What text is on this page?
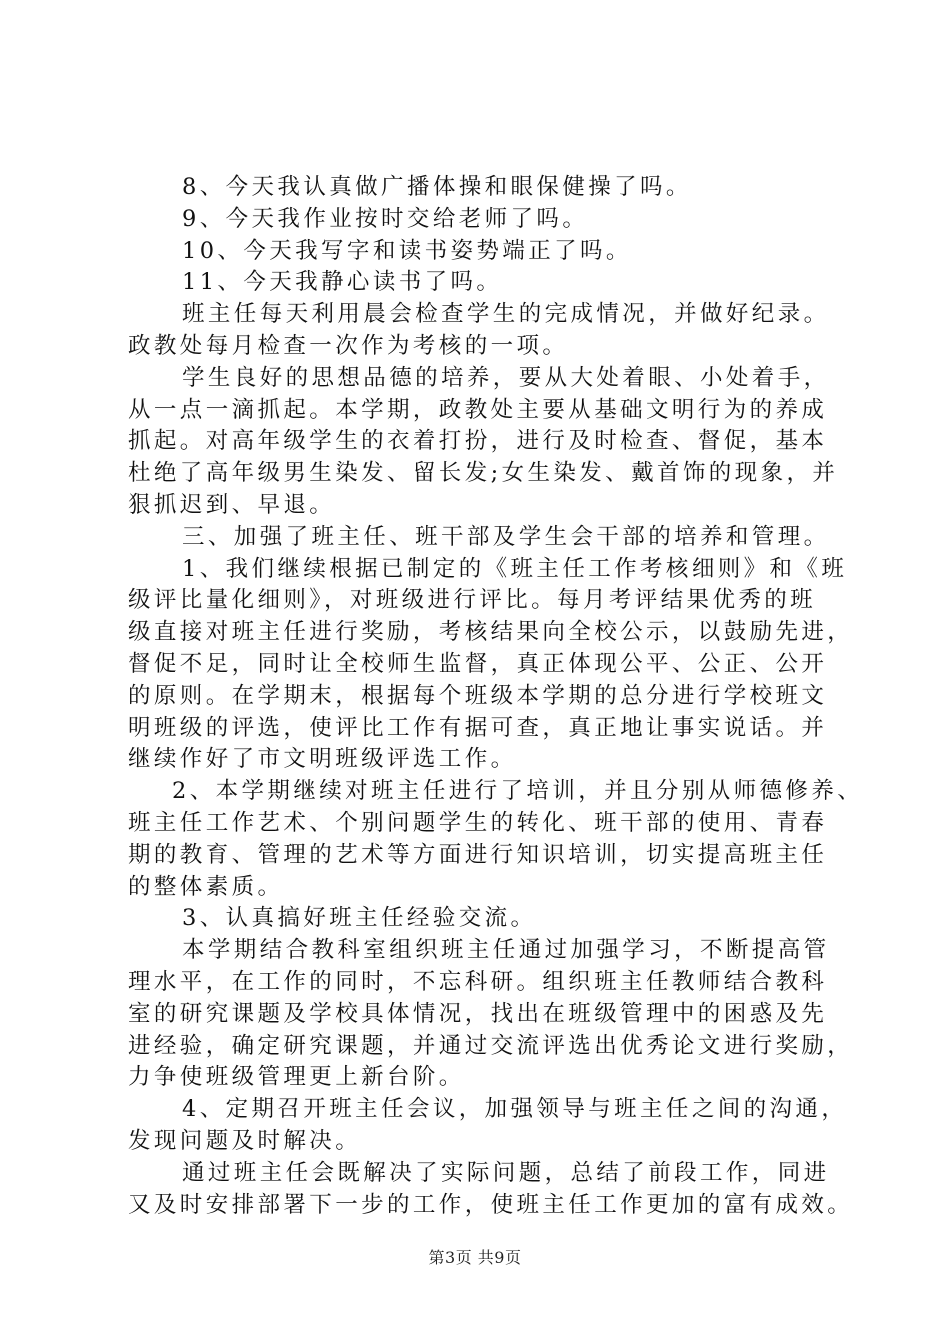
8、今天我认真做广播体操和眼保健操了吗。
9、今天我作业按时交给老师了吗。
10、今天我写字和读书姿势端正了吗。
11、今天我静心读书了吗。
班主任每天利用晨会检查学生的完成情况，并做好纪录。
政教处每月检查一次作为考核的一项。
学生良好的思想品德的培养，要从大处着眼、小处着手，
从一点一滴抓起。本学期，政教处主要从基础文明行为的养成
抓起。对高年级学生的衣着打扮，进行及时检查、督促，基本
杜绝了高年级男生染发、留长发;女生染发、戴首饰的现象，并
狠抓迟到、早退。
三、加强了班主任、班干部及学生会干部的培养和管理。
1、我们继续根据已制定的《班主任工作考核细则》和《班
级评比量化细则》，对班级进行评比。每月考评结果优秀的班
级直接对班主任进行奖励，考核结果向全校公示，以鼓励先进，
督促不足，同时让全校师生监督，真正体现公平、公正、公开
的原则。在学期末，根据每个班级本学期的总分进行学校班文
明班级的评选，使评比工作有据可查，真正地让事实说话。并
继续作好了市文明班级评选工作。
2、本学期继续对班主任进行了培训，并且分别从师德修养、
班主任工作艺术、个别问题学生的转化、班干部的使用、青春
期的教育、管理的艺术等方面进行知识培训，切实提高班主任
的整体素质。
3、认真搞好班主任经验交流。
本学期结合教科室组织班主任通过加强学习，不断提高管
理水平，在工作的同时，不忘科研。组织班主任教师结合教科
室的研究课题及学校具体情况，找出在班级管理中的困惑及先
进经验，确定研究课题，并通过交流评选出优秀论文进行奖励，
力争使班级管理更上新台阶。
4、定期召开班主任会议，加强领导与班主任之间的沟通，
发现问题及时解决。
通过班主任会既解决了实际问题，总结了前段工作，同进
又及时安排部署下一步的工作，使班主任工作更加的富有成效。
第3页 共9页
